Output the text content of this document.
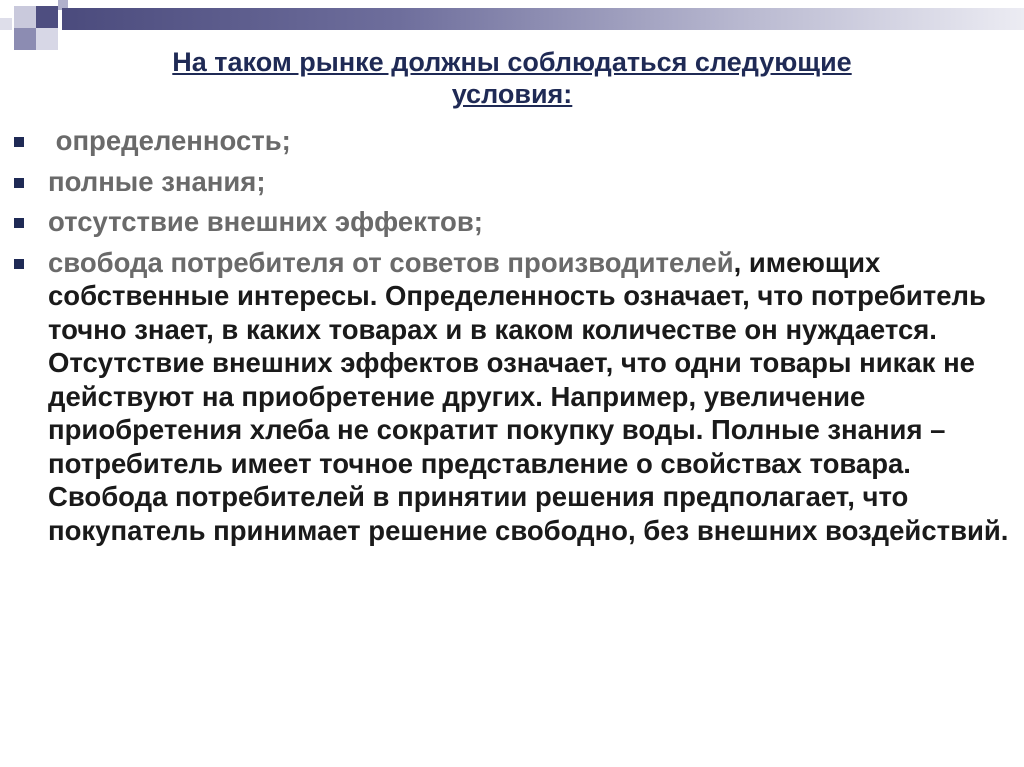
На таком рынке должны соблюдаться следующие
условия:
определенность;
полные знания;
отсутствие внешних эффектов;
свобода потребителя от советов производителей, имеющих собственные интересы. Определенность означает, что потребитель точно знает, в каких товарах и в каком количестве он нуждается. Отсутствие внешних эффектов означает, что одни товары никак не действуют на приобретение других. Например, увеличение приобретения хлеба не сократит покупку воды. Полные знания – потребитель имеет точное представление о свойствах товара. Свобода потребителей в принятии решения предполагает, что покупатель принимает решение свободно, без внешних воздействий.
